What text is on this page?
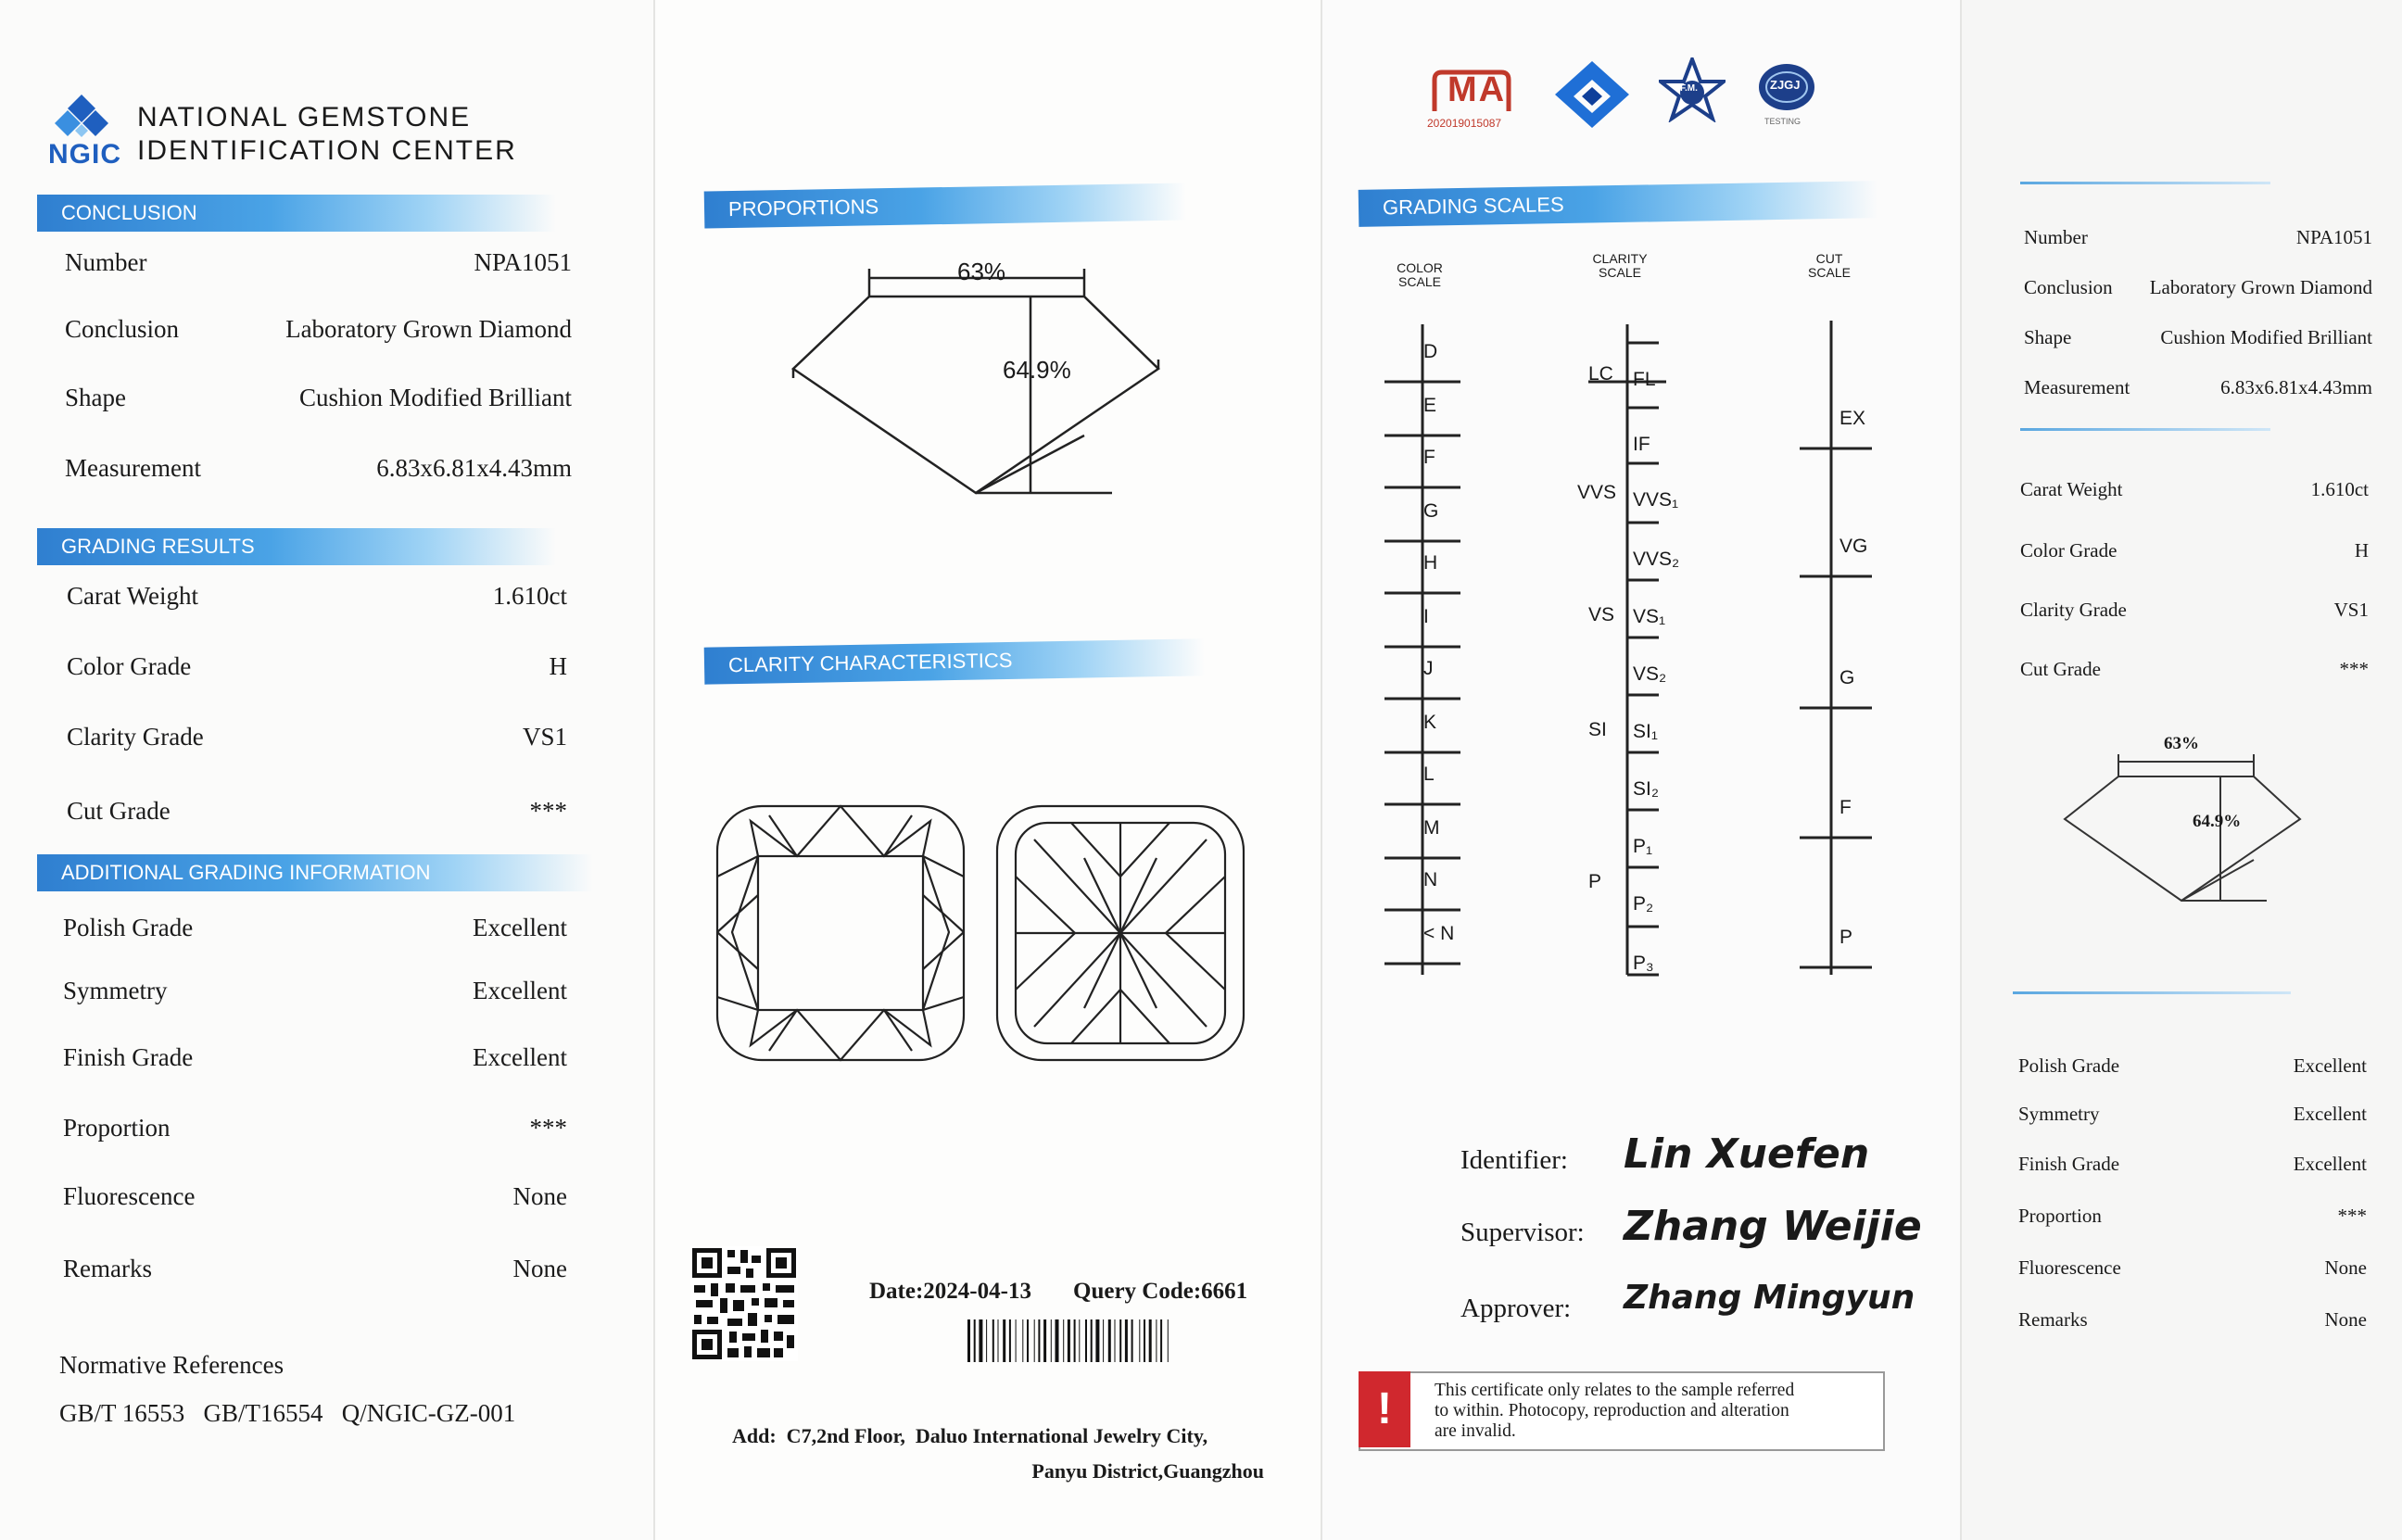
NGIC
NATIONAL GEMSTONE
IDENTIFICATION CENTER
CONCLUSION
Number	NPA1051
Conclusion	Laboratory Grown Diamond
Shape	Cushion Modified Brilliant
Measurement	6.83x6.81x4.43mm
GRADING RESULTS
Carat Weight	1.610ct
Color Grade	H
Clarity Grade	VS1
Cut Grade	***
ADDITIONAL GRADING INFORMATION
Polish Grade	Excellent
Symmetry	Excellent
Finish Grade	Excellent
Proportion	***
Fluorescence	None
Remarks	None
Normative References
GB/T 16553   GB/T16554   Q/NGIC-GZ-001
PROPORTIONS
63%
64.9%
CLARITY CHARACTERISTICS
Date:2024-04-13 Query Code:6661
Add:  C7,2nd Floor,  Daluo International Jewelry City,
Panyu District,Guangzhou
MA
202019015087
F.M.	ZJGJ
TESTING
GRADING SCALES
COLOR
SCALE
CLARITY
SCALE
CUT
SCALE
D
E
F
G
H
I
J
K
L
M
N
< N
FL
IF
VVS₁
VVS₂
VS₁
VS₂
SI₁
SI₂
P₁
P₂
P₃
LC
VVS
VS
SI
P
EX
VG
G
F
P
Identifier: Lin Xuefen
Supervisor: Zhang Weijie
Approver: Zhang Mingyun
!	This certificate only relates to the sample referred
to within. Photocopy, reproduction and alteration
are invalid.
Number	NPA1051
Conclusion Laboratory Grown Diamond
Shape	Cushion Modified Brilliant
Measurement	6.83x6.81x4.43mm
Carat Weight	1.610ct
Color Grade	H
Clarity Grade	VS1
Cut Grade	***
Polish Grade	Excellent
Symmetry	Excellent
Finish Grade	Excellent
Proportion	***
Fluorescence	None
Remarks	None
63%
64.9%
